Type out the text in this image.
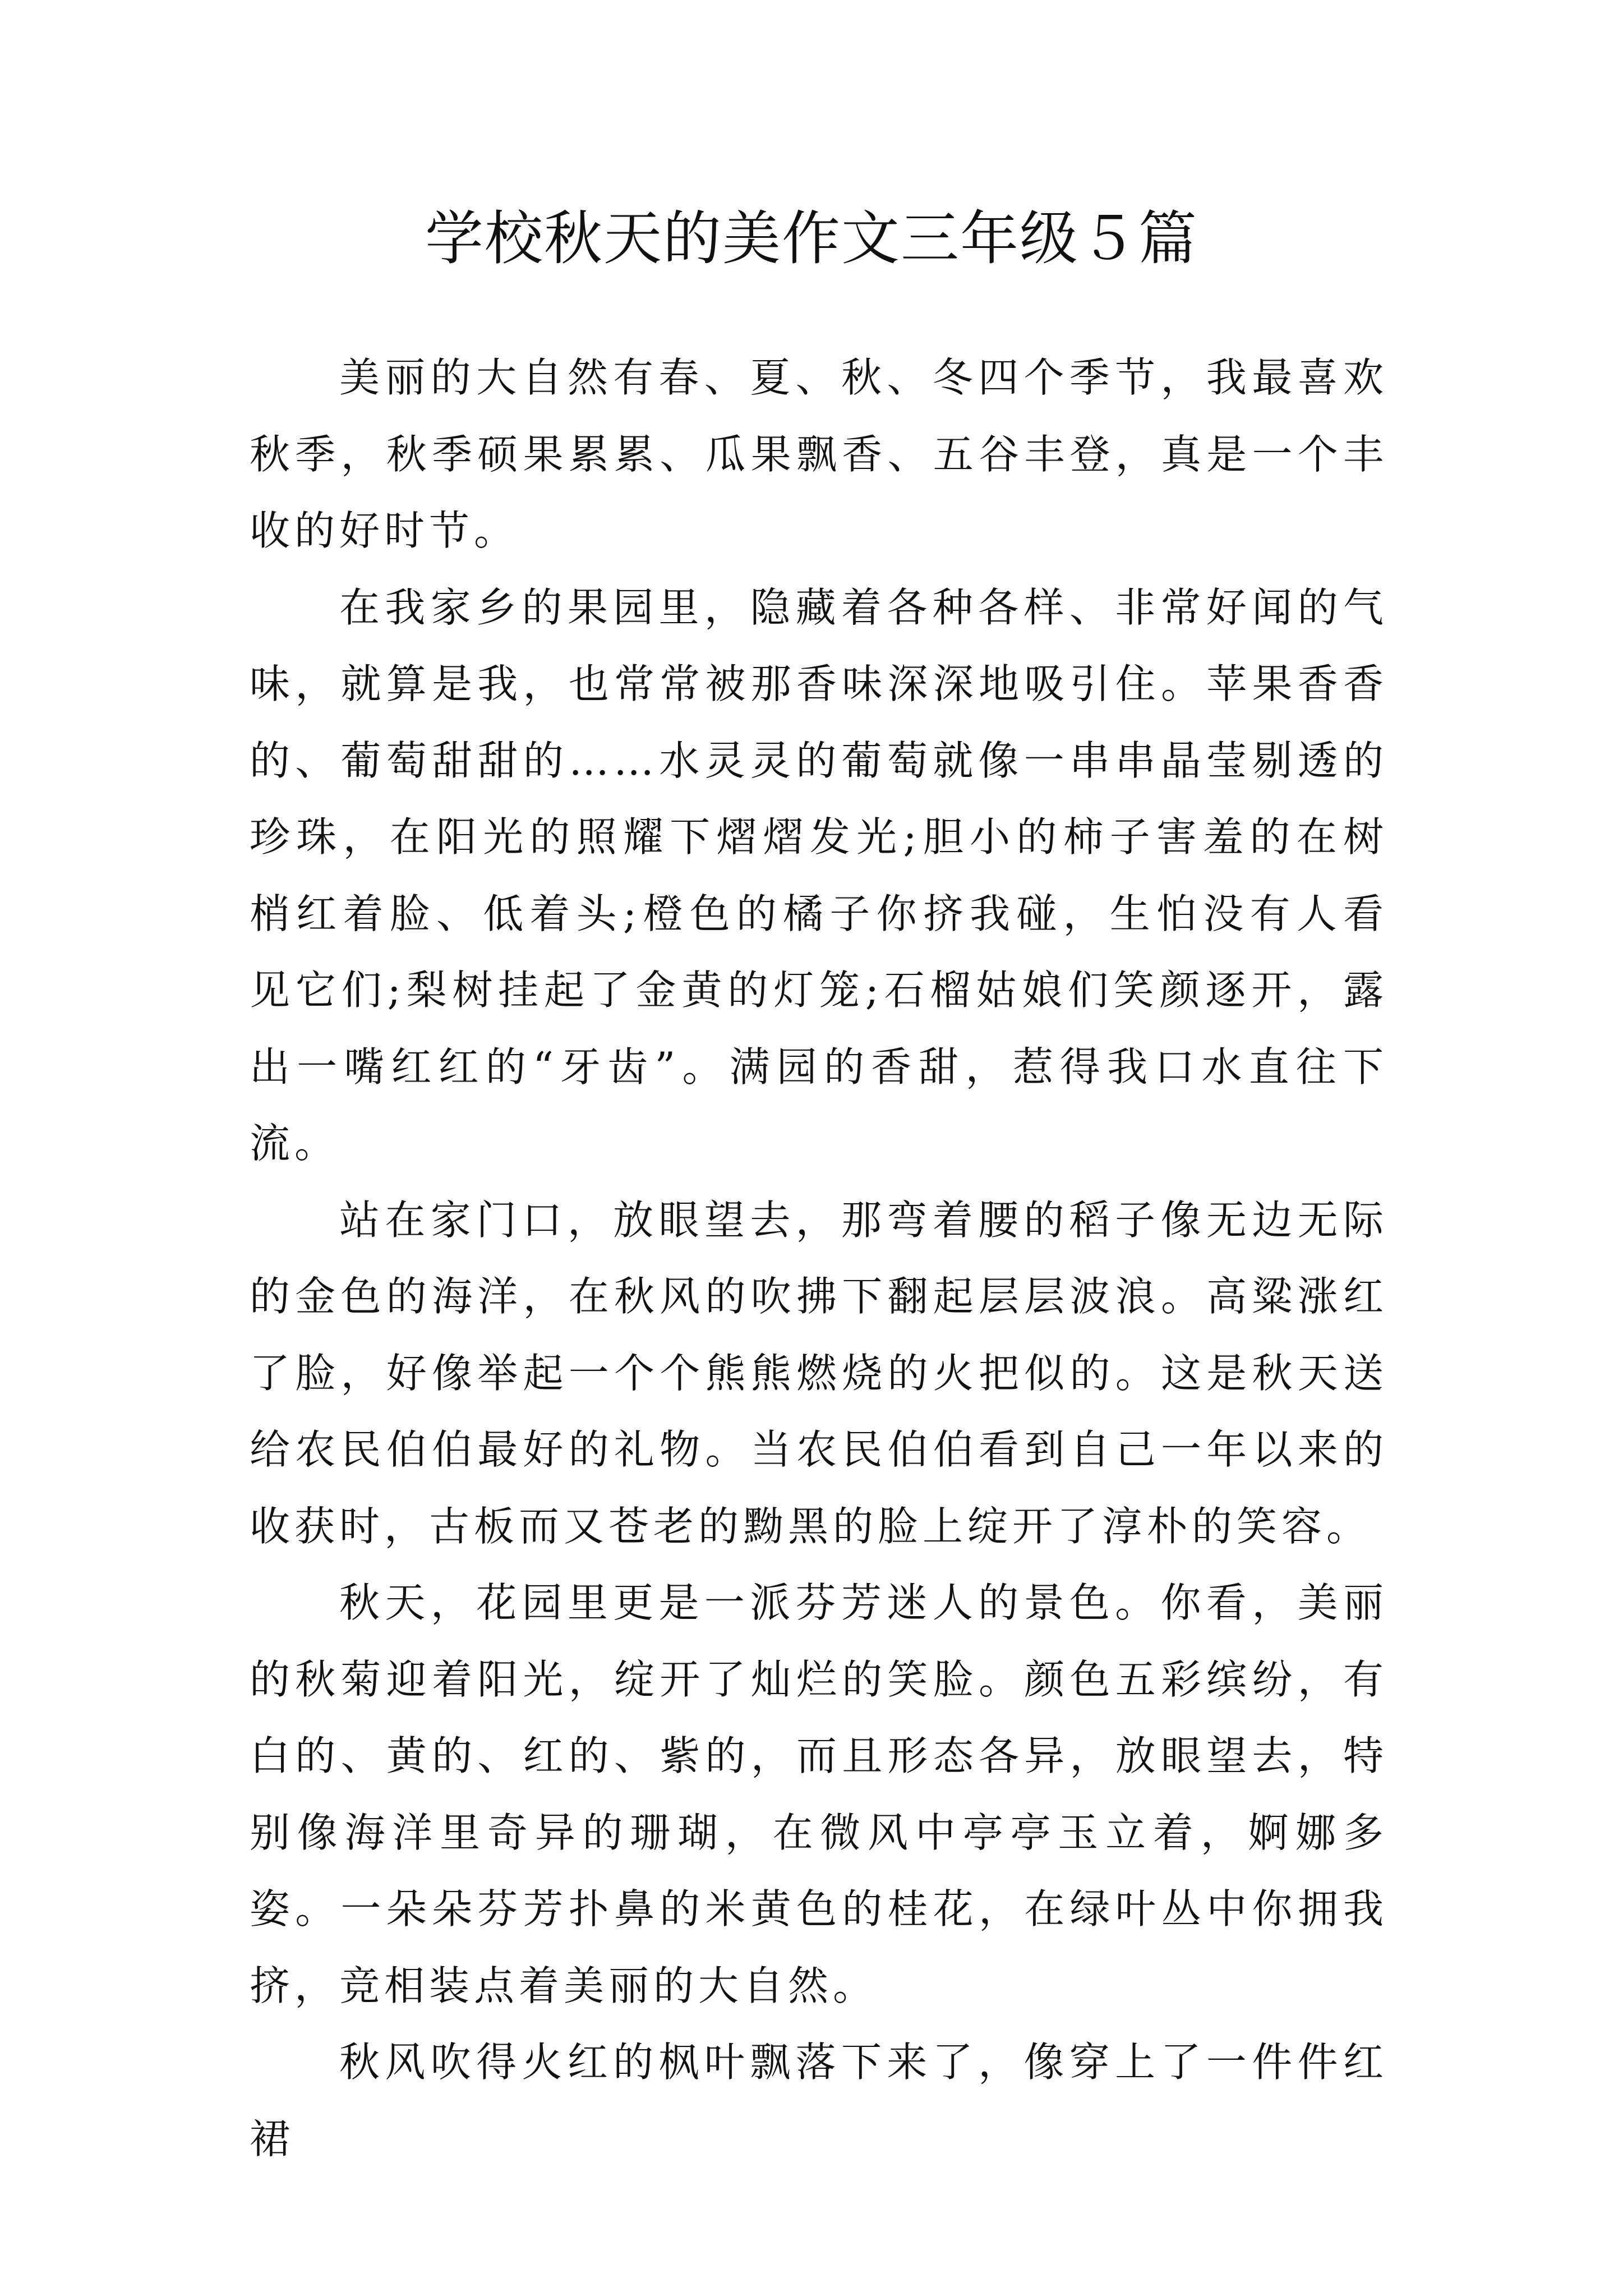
学校秋天的美作文三年级５篇

美丽的大自然有春、夏、秋、冬四个季节，我最喜欢秋季，秋季硕果累累、瓜果飘香、五谷丰登，真是一个丰收的好时节。

在我家乡的果园里，隐藏着各种各样、非常好闻的气味，就算是我，也常常被那香味深深地吸引住。苹果香香的、葡萄甜甜的……水灵灵的葡萄就像一串串晶莹剔透的珍珠，在阳光的照耀下熠熠发光;胆小的柿子害羞的在树梢红着脸、低着头;橙色的橘子你挤我碰，生怕没有人看见它们;梨树挂起了金黄的灯笼;石榴姑娘们笑颜逐开，露出一嘴红红的“牙齿”。满园的香甜，惹得我口水直往下流。

站在家门口，放眼望去，那弯着腰的稻子像无边无际的金色的海洋，在秋风的吹拂下翻起层层波浪。高粱涨红了脸，好像举起一个个熊熊燃烧的火把似的。这是秋天送给农民伯伯最好的礼物。当农民伯伯看到自己一年以来的收获时，古板而又苍老的黝黑的脸上绽开了淳朴的笑容。

秋天，花园里更是一派芬芳迷人的景色。你看，美丽的秋菊迎着阳光，绽开了灿烂的笑脸。颜色五彩缤纷，有白的、黄的、红的、紫的，而且形态各异，放眼望去，特别像海洋里奇异的珊瑚，在微风中亭亭玉立着，婀娜多姿。一朵朵芬芳扑鼻的米黄色的桂花，在绿叶丛中你拥我挤，竞相装点着美丽的大自然。

秋风吹得火红的枫叶飘落下来了，像穿上了一件件红裙
